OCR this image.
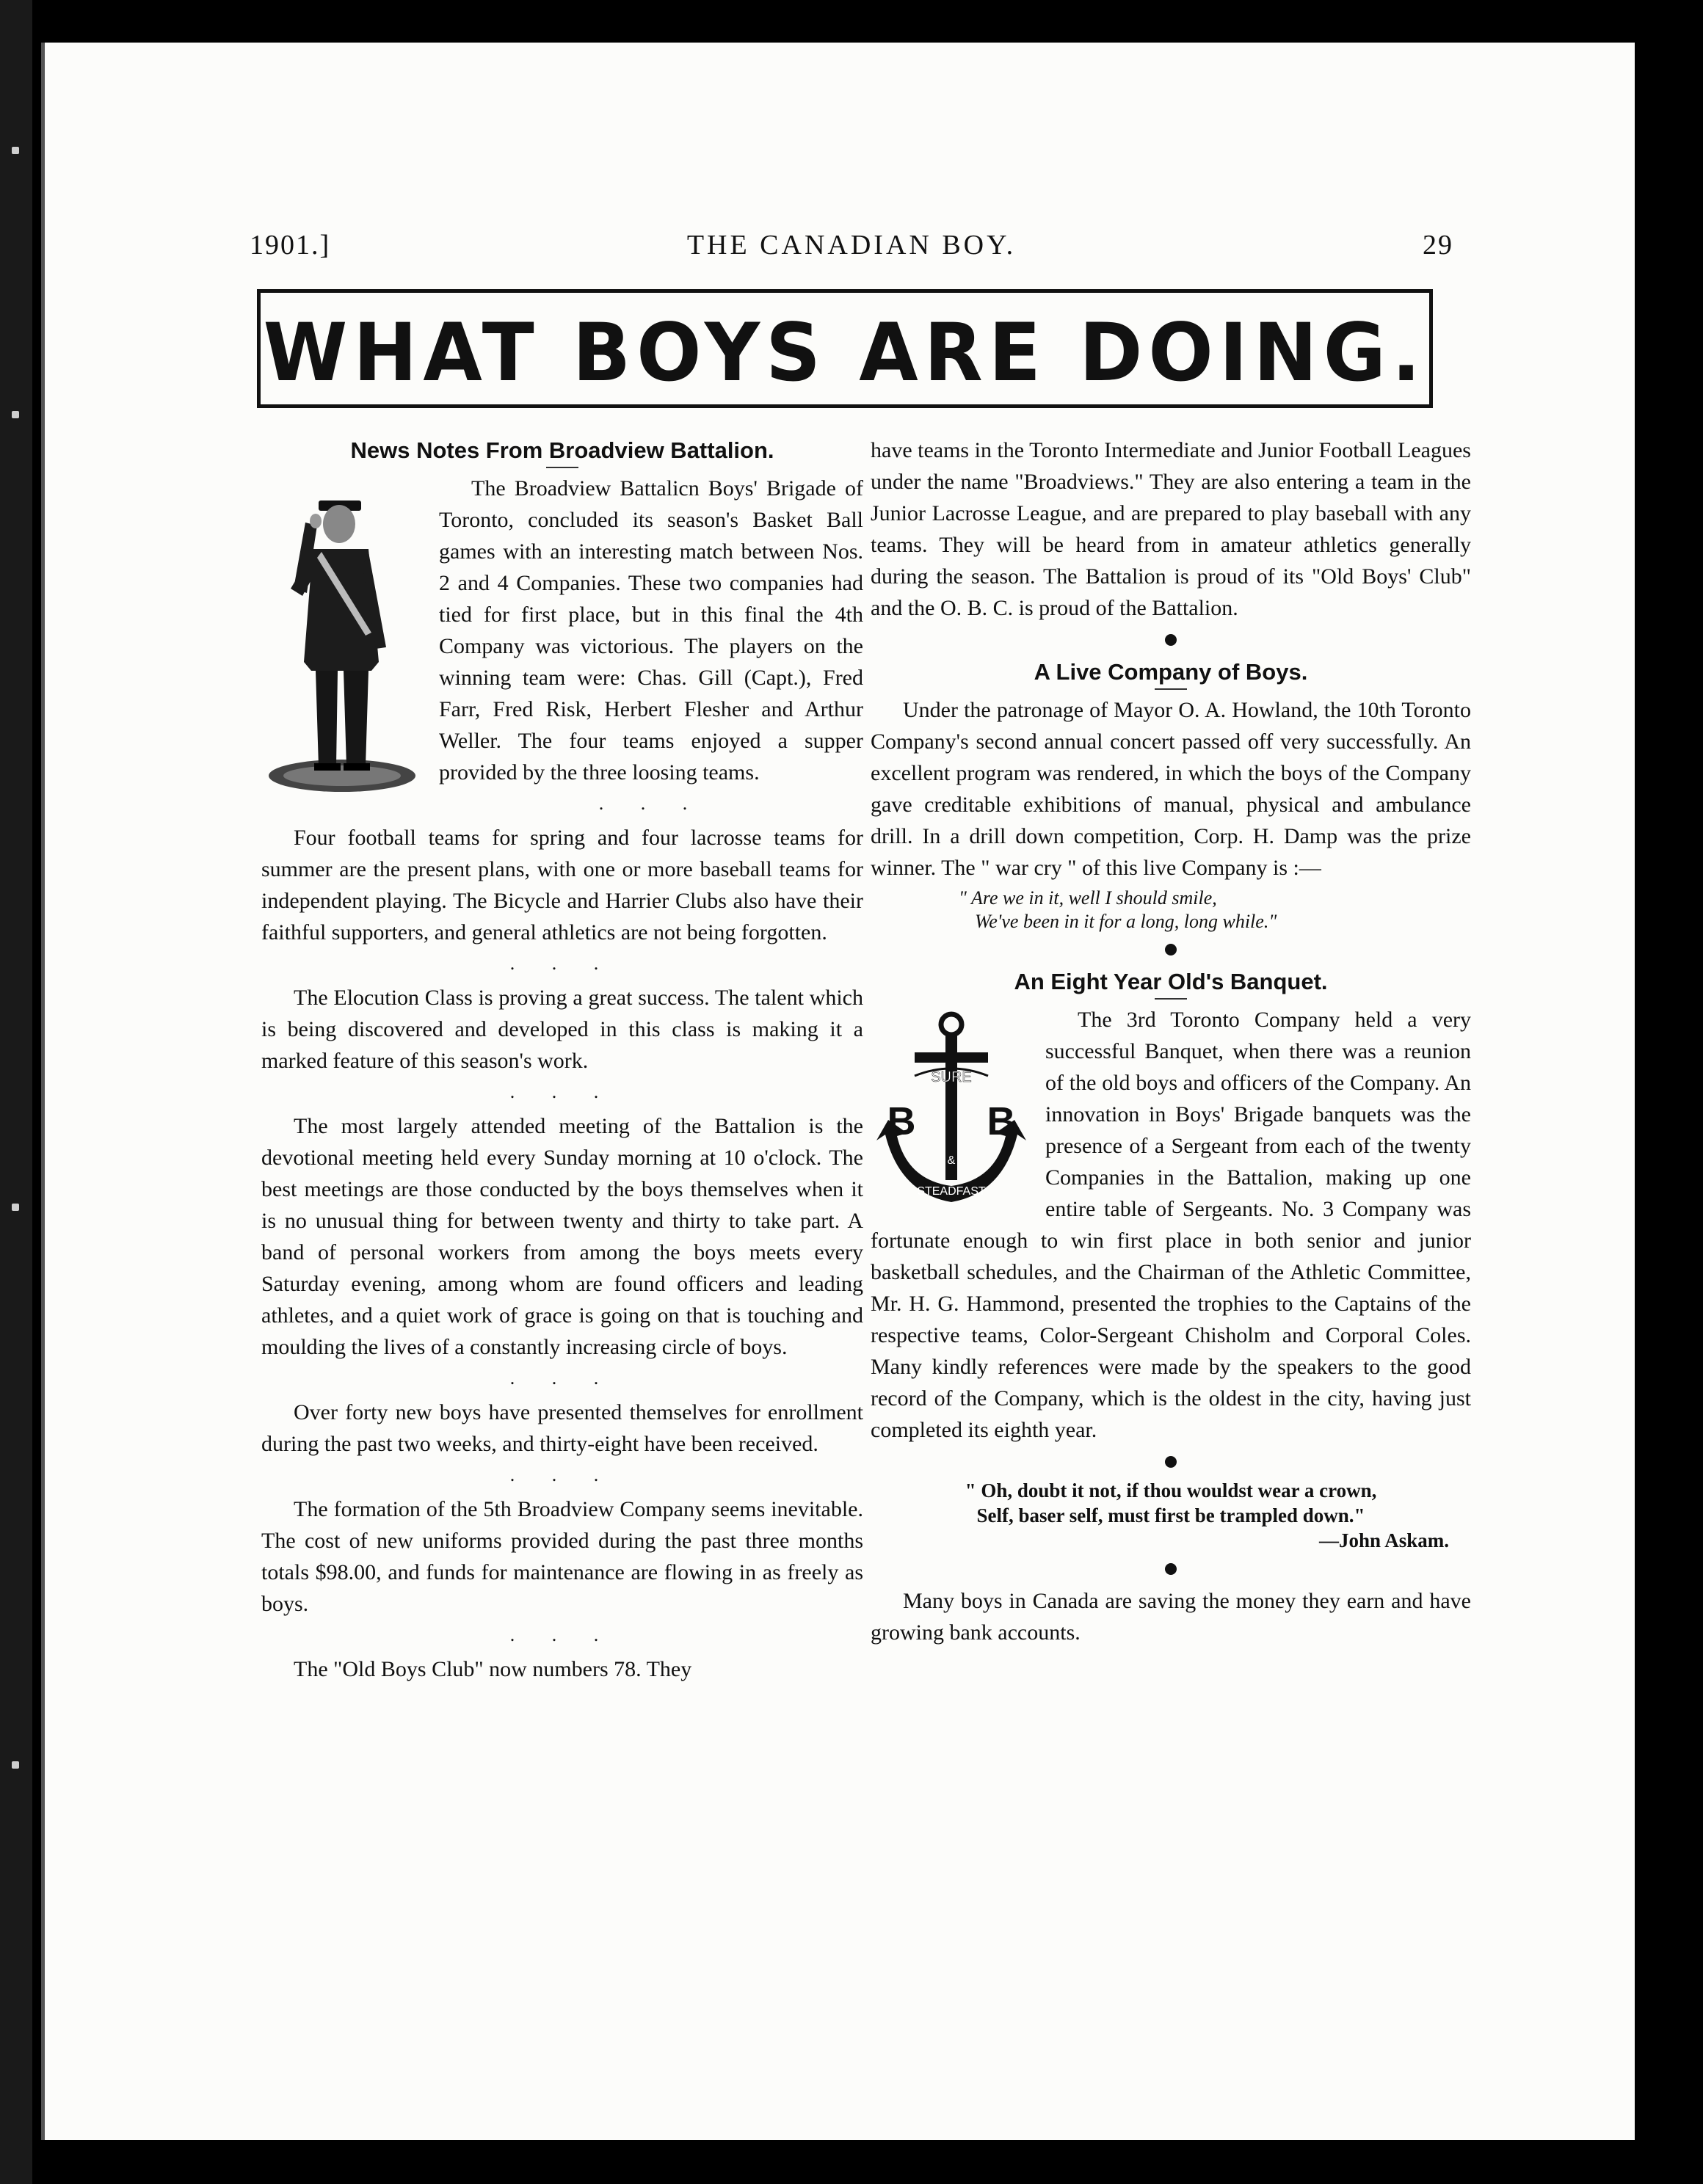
1901.]	THE CANADIAN BOY.	29
WHAT BOYS ARE DOING.
News Notes From Broadview Battalion.

The Broadview Battalicn Boys' Brigade of Toronto, concluded its season's Basket Ball games with an interesting match between Nos. 2 and 4 Companies. These two companies had tied for first place, but in this final the 4th Company was victorious. The players on the winning team were: Chas. Gill (Capt.), Fred Farr, Fred Risk, Herbert Flesher and Arthur Weller. The four teams enjoyed a supper provided by the three loosing teams.

. . .

Four football teams for spring and four lacrosse teams for summer are the present plans, with one or more baseball teams for independent playing. The Bicycle and Harrier Clubs also have their faithful supporters, and general athletics are not being forgotten.

. . .

The Elocution Class is proving a great success. The talent which is being discovered and developed in this class is making it a marked feature of this season's work.

. . .

The most largely attended meeting of the Battalion is the devotional meeting held every Sunday morning at 10 o'clock. The best meetings are those conducted by the boys themselves when it is no unusual thing for between twenty and thirty to take part. A band of personal workers from among the boys meets every Saturday evening, among whom are found officers and leading athletes, and a quiet work of grace is going on that is touching and moulding the lives of a constantly increasing circle of boys.

. . .

Over forty new boys have presented themselves for enrollment during the past two weeks, and thirty-eight have been received.

. . .

The formation of the 5th Broadview Company seems inevitable. The cost of new uniforms provided during the past three months totals $98.00, and funds for maintenance are flowing in as freely as boys.

. . .

The "Old Boys Club" now numbers 78. They

have teams in the Toronto Intermediate and Junior Football Leagues under the name "Broadviews." They are also entering a team in the Junior Lacrosse League, and are prepared to play baseball with any teams. They will be heard from in amateur athletics generally during the season. The Battalion is proud of its "Old Boys' Club" and the O. B. C. is proud of the Battalion.

A Live Company of Boys.

Under the patronage of Mayor O. A. Howland, the 10th Toronto Company's second annual concert passed off very successfully. An excellent program was rendered, in which the boys of the Company gave creditable exhibitions of manual, physical and ambulance drill. In a drill down competition, Corp. H. Damp was the prize winner. The " war cry " of this live Company is :—

" Are we in it, well I should smile,
We've been in it for a long, long while."
An Eight Year Old's Banquet.
SURE
B B
&
STEADFAST

The 3rd Toronto Company held a very successful Banquet, when there was a reunion of the old boys and officers of the Company. An innovation in Boys' Brigade banquets was the presence of a Sergeant from each of the twenty Companies in the Battalion, making up one entire table of Sergeants. No. 3 Company was fortunate enough to win first place in both senior and junior basketball schedules, and the Chairman of the Athletic Committee, Mr. H. G. Hammond, presented the trophies to the Captains of the respective teams, Color-Sergeant Chisholm and Corporal Coles. Many kindly references were made by the speakers to the good record of the Company, which is the oldest in the city, having just completed its eighth year.

" Oh, doubt it not, if thou wouldst wear a crown,
Self, baser self, must first be trampled down."
—John Askam.

Many boys in Canada are saving the money they earn and have growing bank accounts.
